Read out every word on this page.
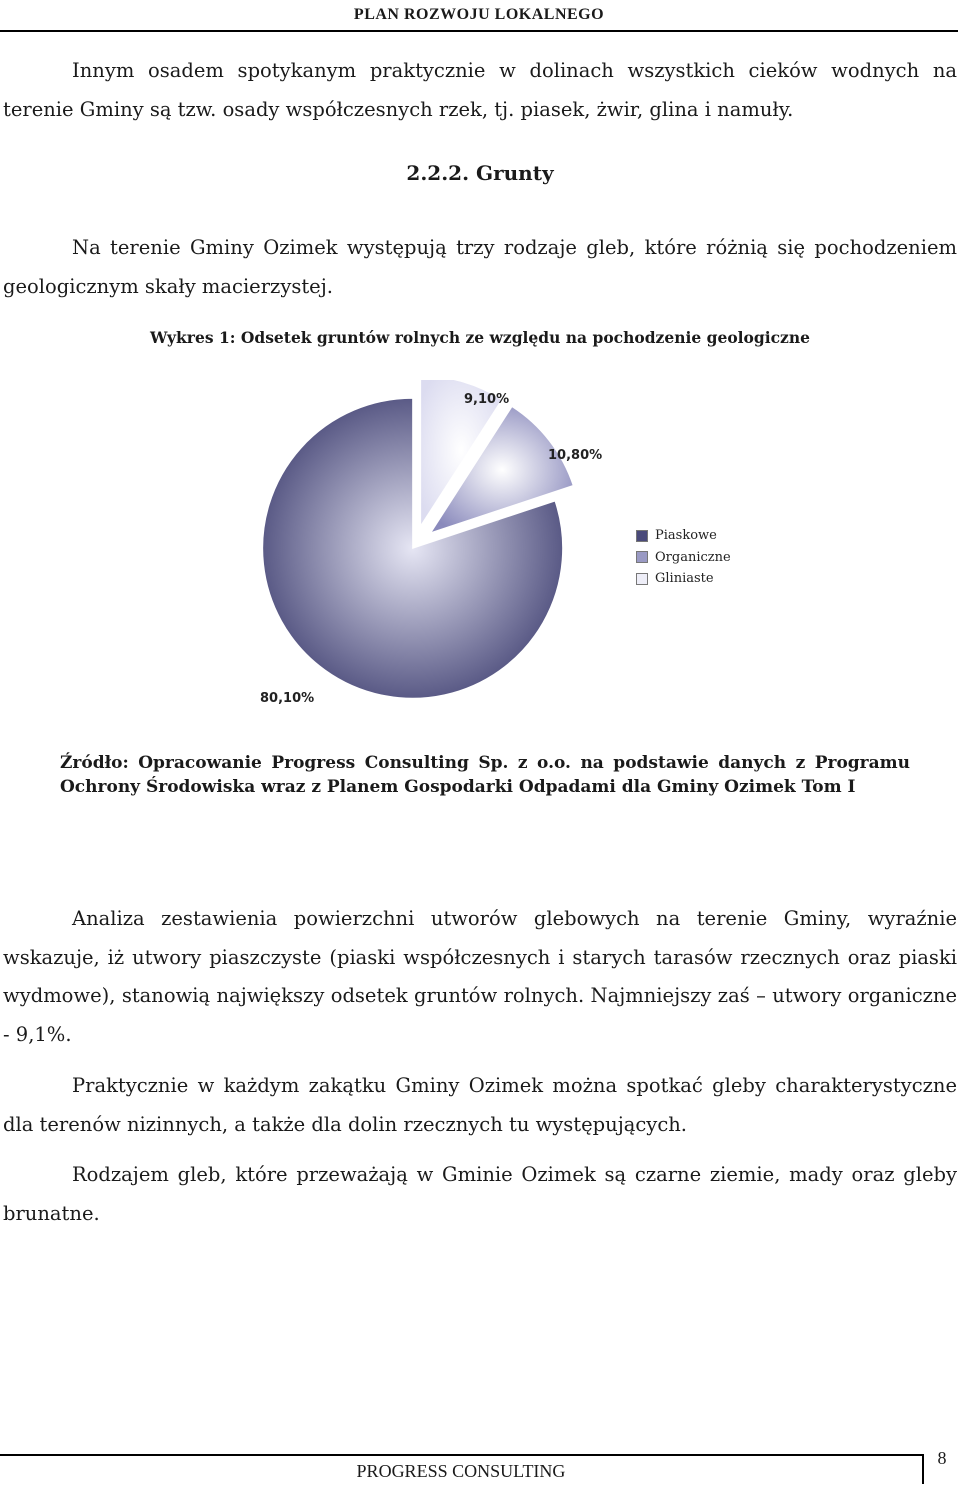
PLAN ROZWOJU LOKALNEGO

Innym osadem spotykanym praktycznie w dolinach wszystkich cieków wodnych na terenie Gminy są tzw. osady współczesnych rzek, tj. piasek, żwir, glina i namuły.

2.2.2. Grunty

Na terenie Gminy Ozimek występują trzy rodzaje gleb, które różnią się pochodzeniem geologicznym skały macierzystej.

Wykres 1: Odsetek gruntów rolnych ze względu na pochodzenie geologiczne
9,10%
10,80%
80,10%
Piaskowe
Organiczne
Gliniaste
Źródło: Opracowanie Progress Consulting Sp. z o.o. na podstawie danych z Programu Ochrony Środowiska wraz z Planem Gospodarki Odpadami dla Gminy Ozimek Tom I

Analiza zestawienia powierzchni utworów glebowych na terenie Gminy, wyraźnie wskazuje, iż utwory piaszczyste (piaski współczesnych i starych tarasów rzecznych oraz piaski wydmowe), stanowią największy odsetek gruntów rolnych. Najmniejszy zaś – utwory organiczne - 9,1%.

Praktycznie w każdym zakątku Gminy Ozimek można spotkać gleby charakterystyczne dla terenów nizinnych, a także dla dolin rzecznych tu występujących.

Rodzajem gleb, które przeważają w Gminie Ozimek są czarne ziemie, mady oraz gleby brunatne.

PROGRESS CONSULTING
8
